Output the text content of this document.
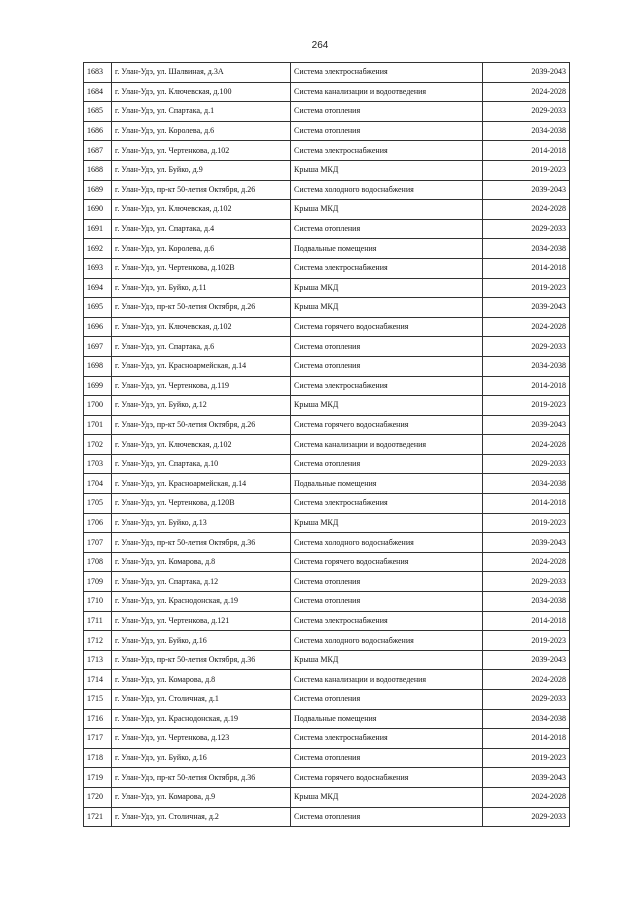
264
1683	г. Улан-Удэ, ул. Шалвиная, д.3А	Система электроснабжения	2039-2043
1684	г. Улан-Удэ, ул. Ключевская, д.100	Система канализации и водоотведения	2024-2028
1685	г. Улан-Удэ, ул. Спартака, д.1	Система отопления	2029-2033
1686	г. Улан-Удэ, ул. Королева, д.6	Система отопления	2034-2038
1687	г. Улан-Удэ, ул. Чертенкова, д.102	Система электроснабжения	2014-2018
1688	г. Улан-Удэ, ул. Буйко, д.9	Крыша МКД	2019-2023
1689	г. Улан-Удэ, пр-кт 50-летия Октября, д.26	Система холодного водоснабжения	2039-2043
1690	г. Улан-Удэ, ул. Ключевская, д.102	Крыша МКД	2024-2028
1691	г. Улан-Удэ, ул. Спартака, д.4	Система отопления	2029-2033
1692	г. Улан-Удэ, ул. Королева, д.6	Подвальные помещения	2034-2038
1693	г. Улан-Удэ, ул. Чертенкова, д.102В	Система электроснабжения	2014-2018
1694	г. Улан-Удэ, ул. Буйко, д.11	Крыша МКД	2019-2023
1695	г. Улан-Удэ, пр-кт 50-летия Октября, д.26	Крыша МКД	2039-2043
1696	г. Улан-Удэ, ул. Ключевская, д.102	Система горячего водоснабжения	2024-2028
1697	г. Улан-Удэ, ул. Спартака, д.6	Система отопления	2029-2033
1698	г. Улан-Удэ, ул. Красноармейская, д.14	Система отопления	2034-2038
1699	г. Улан-Удэ, ул. Чертенкова, д.119	Система электроснабжения	2014-2018
1700	г. Улан-Удэ, ул. Буйко, д.12	Крыша МКД	2019-2023
1701	г. Улан-Удэ, пр-кт 50-летия Октября, д.26	Система горячего водоснабжения	2039-2043
1702	г. Улан-Удэ, ул. Ключевская, д.102	Система канализации и водоотведения	2024-2028
1703	г. Улан-Удэ, ул. Спартака, д.10	Система отопления	2029-2033
1704	г. Улан-Удэ, ул. Красноармейская, д.14	Подвальные помещения	2034-2038
1705	г. Улан-Удэ, ул. Чертенкова, д.120В	Система электроснабжения	2014-2018
1706	г. Улан-Удэ, ул. Буйко, д.13	Крыша МКД	2019-2023
1707	г. Улан-Удэ, пр-кт 50-летия Октября, д.36	Система холодного водоснабжения	2039-2043
1708	г. Улан-Удэ, ул. Комарова, д.8	Система горячего водоснабжения	2024-2028
1709	г. Улан-Удэ, ул. Спартака, д.12	Система отопления	2029-2033
1710	г. Улан-Удэ, ул. Краснодонская, д.19	Система отопления	2034-2038
1711	г. Улан-Удэ, ул. Чертенкова, д.121	Система электроснабжения	2014-2018
1712	г. Улан-Удэ, ул. Буйко, д.16	Система холодного водоснабжения	2019-2023
1713	г. Улан-Удэ, пр-кт 50-летия Октября, д.36	Крыша МКД	2039-2043
1714	г. Улан-Удэ, ул. Комарова, д.8	Система канализации и водоотведения	2024-2028
1715	г. Улан-Удэ, ул. Столичная, д.1	Система отопления	2029-2033
1716	г. Улан-Удэ, ул. Краснодонская, д.19	Подвальные помещения	2034-2038
1717	г. Улан-Удэ, ул. Чертенкова, д.123	Система электроснабжения	2014-2018
1718	г. Улан-Удэ, ул. Буйко, д.16	Система отопления	2019-2023
1719	г. Улан-Удэ, пр-кт 50-летия Октября, д.36	Система горячего водоснабжения	2039-2043
1720	г. Улан-Удэ, ул. Комарова, д.9	Крыша МКД	2024-2028
1721	г. Улан-Удэ, ул. Столичная, д.2	Система отопления	2029-2033
